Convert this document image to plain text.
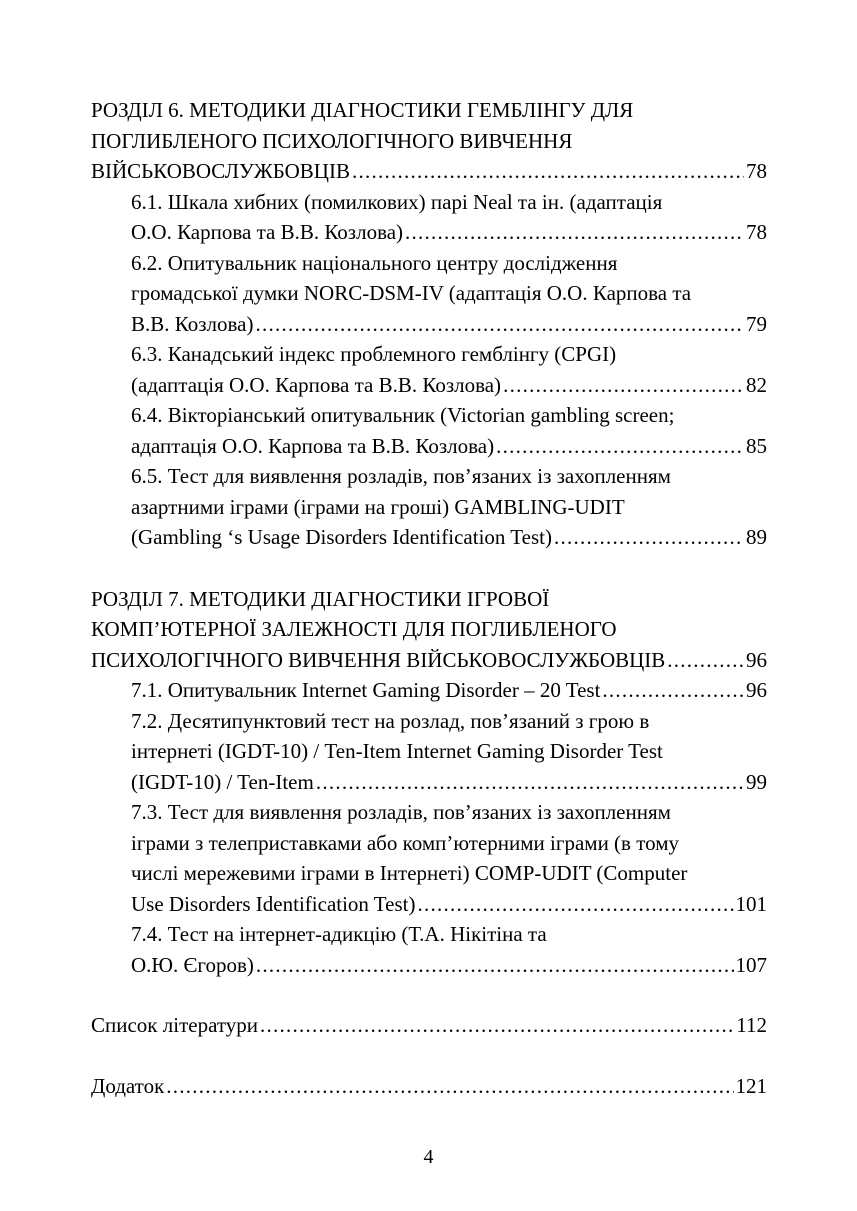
РОЗДІЛ 6. МЕТОДИКИ ДІАГНОСТИКИ ГЕМБЛІНГУ ДЛЯ
ПОГЛИБЛЕНОГО ПСИХОЛОГІЧНОГО ВИВЧЕННЯ
ВІЙСЬКОВОСЛУЖБОВЦІВ . . .	78
6.1. Шкала хибних (помилкових) парі Neal та ін. (адаптація
О.О. Карпова та В.В. Козлова) . . .	78
6.2. Опитувальник національного центру дослідження
громадської думки NORC-DSM-IV (адаптація О.О. Карпова та
В.В. Козлова) . . .	79
6.3. Канадський індекс проблемного гемблінгу (CPGI)
(адаптація О.О. Карпова та В.В. Козлова) . . .	82
6.4. Вікторіанський опитувальник (Victorian gambling screen;
адаптація О.О. Карпова та В.В. Козлова) . . .	85
6.5. Тест для виявлення розладів, пов’язаних із захопленням
азартними іграми (іграми на гроші) GAMBLING-UDIT
(Gambling ‘s Usage Disorders Identification Test) . . .	89
РОЗДІЛ 7. МЕТОДИКИ ДІАГНОСТИКИ ІГРОВОЇ
КОМП’ЮТЕРНОЇ ЗАЛЕЖНОСТІ ДЛЯ ПОГЛИБЛЕНОГО
ПСИХОЛОГІЧНОГО ВИВЧЕННЯ ВІЙСЬКОВОСЛУЖБОВЦІВ . . .	96
7.1. Опитувальник Internet Gaming Disorder – 20 Test . . .	96
7.2. Десятипунктовий тест на розлад, пов’язаний з грою в
інтернеті (IGDT-10) / Ten-Item Internet Gaming Disorder Test
(IGDT-10) / Ten-Item . . .	99
7.3. Тест для виявлення розладів, пов’язаних із захопленням
іграми з телеприставками або комп’ютерними іграми (в тому
числі мережевими іграми в Інтернеті) COMP-UDIT (Computer
Use Disorders Identification Test) . . .	101
7.4. Тест на інтернет-адикцію (Т.А. Нікітіна та
О.Ю. Єгоров) . . .	107
Список літератури . . .	112
Додаток . . .	121
4
